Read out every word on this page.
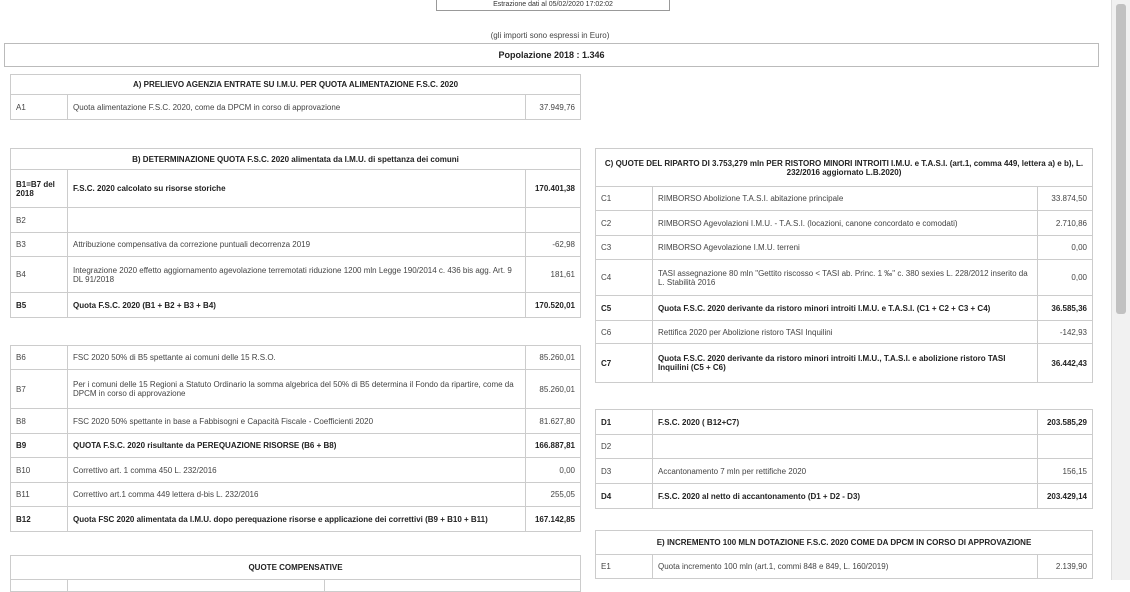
Estrazione dati al 05/02/2020 17:02:02
(gli importi sono espressi in Euro)
Popolazione 2018 : 1.346
A) PRELIEVO AGENZIA ENTRATE SU I.M.U. PER QUOTA ALIMENTAZIONE F.S.C. 2020
A1	Quota alimentazione F.S.C. 2020, come da DPCM in corso di approvazione	37.949,76
B) DETERMINAZIONE QUOTA F.S.C. 2020 alimentata da I.M.U. di spettanza dei comuni		
B1=B7 del 2018	F.S.C. 2020 calcolato su risorse storiche	170.401,38
B2		
B3	Attribuzione compensativa da correzione puntuali decorrenza 2019	-62,98
B4	Integrazione 2020 effetto aggiornamento agevolazione terremotati riduzione 1200 mln Legge 190/2014 c. 436 bis agg. Art. 9 DL 91/2018	181,61
B5	Quota F.S.C. 2020 (B1 + B2 + B3 + B4)	170.520,01
B6	FSC 2020 50% di B5 spettante ai comuni delle 15 R.S.O.	85.260,01
B7	Per i comuni delle 15 Regioni a Statuto Ordinario la somma algebrica del 50% di B5 determina il Fondo da ripartire, come da DPCM in corso di approvazione	85.260,01
B8	FSC 2020 50% spettante in base a Fabbisogni e Capacità Fiscale - Coefficienti 2020	81.627,80
B9	QUOTA F.S.C. 2020 risultante da PEREQUAZIONE RISORSE (B6 + B8)	166.887,81
B10	Correttivo art. 1 comma 450 L. 232/2016	0,00
B11	Correttivo art.1 comma 449 lettera d-bis L. 232/2016	255,05
B12	Quota FSC 2020 alimentata da I.M.U. dopo perequazione risorse e applicazione dei correttivi (B9 + B10 + B11)	167.142,85
C) QUOTE DEL RIPARTO DI 3.753,279 mln PER RISTORO MINORI INTROITI I.M.U. e T.A.S.I. (art.1, comma 449, lettera a) e b), L. 232/2016 aggiornato L.B.2020)		
C1	RIMBORSO Abolizione T.A.S.I. abitazione principale	33.874,50
C2	RIMBORSO Agevolazioni I.M.U. - T.A.S.I. (locazioni, canone concordato e comodati)	2.710,86
C3	RIMBORSO Agevolazione I.M.U. terreni	0,00
C4	TASI assegnazione 80 mln "Gettito riscosso < TASI ab. Princ. 1 ‰" c. 380 sexies L. 228/2012 inserito da L. Stabilità 2016	0,00
C5	Quota F.S.C. 2020 derivante da ristoro minori introiti I.M.U. e T.A.S.I. (C1 + C2 + C3 + C4)	36.585,36
C6	Rettifica 2020 per Abolizione ristoro TASI Inquilini	-142,93
C7	Quota F.S.C. 2020 derivante da ristoro minori introiti I.M.U., T.A.S.I. e abolizione ristoro TASI Inquilini (C5 + C6)	36.442,43
D1	F.S.C. 2020 ( B12+C7)	203.585,29
D2		
D3	Accantonamento 7 mln per rettifiche 2020	156,15
D4	F.S.C. 2020 al netto di accantonamento (D1 + D2 - D3)	203.429,14
E) INCREMENTO 100 MLN DOTAZIONE F.S.C. 2020 COME DA DPCM IN CORSO DI APPROVAZIONE
E1	Quota incremento 100 mln (art.1, commi 848 e 849, L. 160/2019)	2.139,90
QUOTE COMPENSATIVE
